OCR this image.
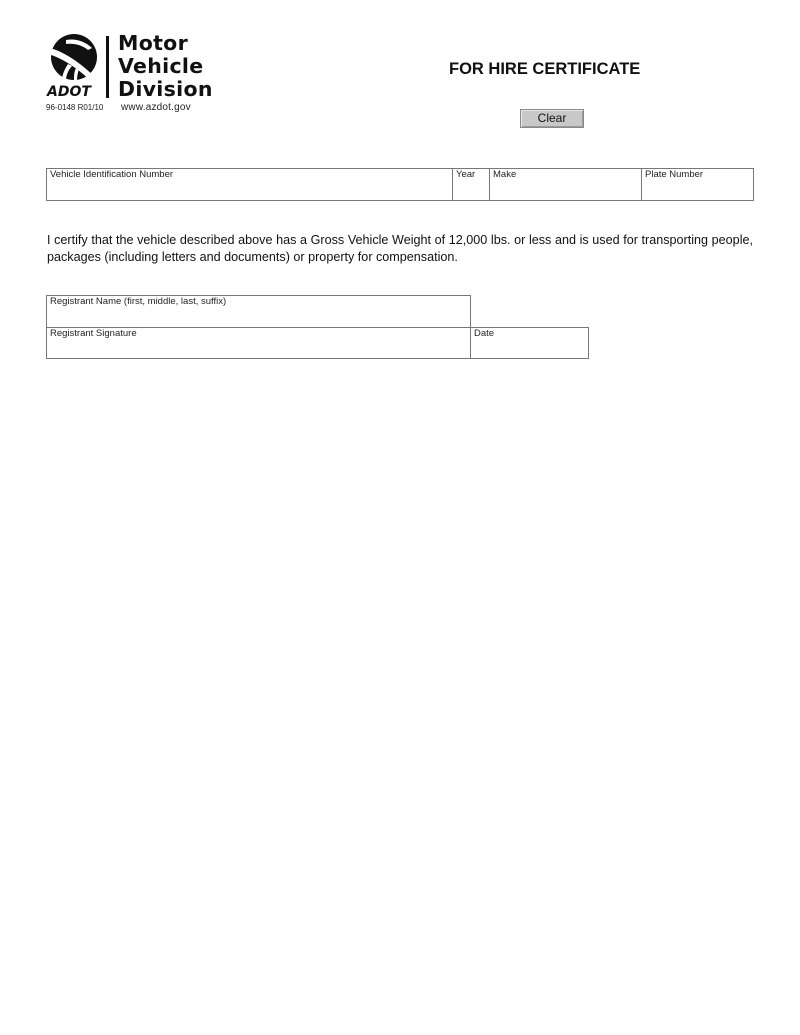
ADOT
Motor
Vehicle
Division
96-0148 R01/10 www.azdot.gov
FOR HIRE CERTIFICATE
Clear
Vehicle Identification Number	Year Make	Plate Number
I certify that the vehicle described above has a Gross Vehicle Weight of 12,000 lbs. or less and is used for transporting people, packages (including letters and documents) or property for compensation.
Registrant Name (first, middle, last, suffix)
Registrant Signature	Date
